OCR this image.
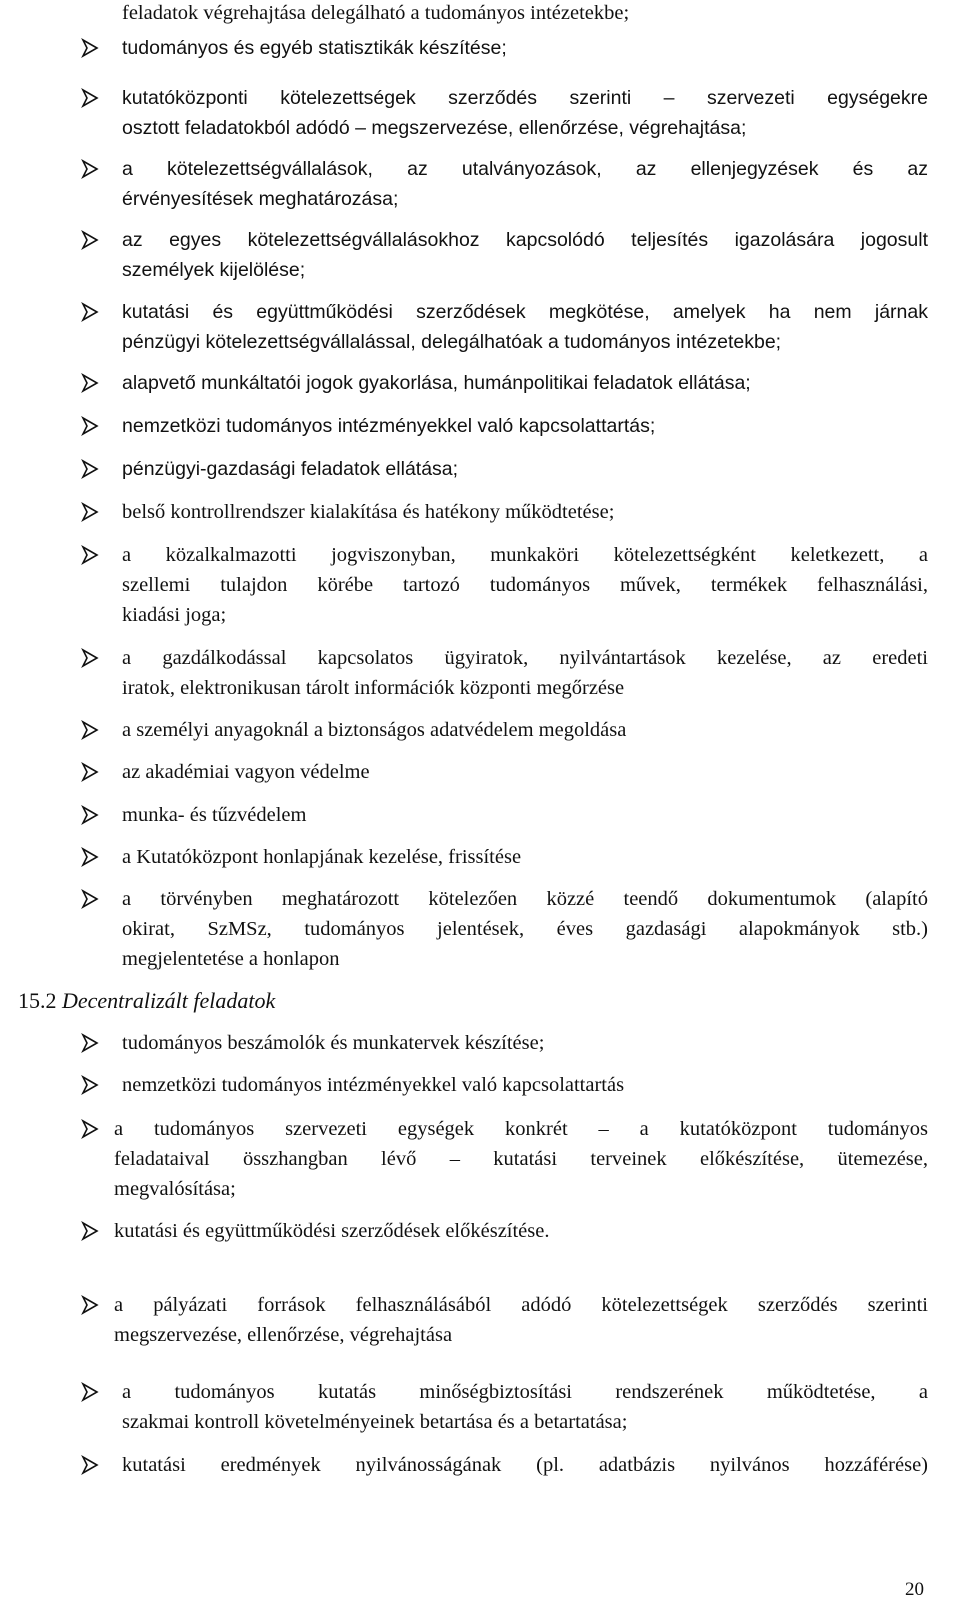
feladatok végrehajtása delegálható a tudományos intézetekbe;
tudományos és egyéb statisztikák készítése;
kutatóközponti kötelezettségek szerződés szerinti – szervezeti egységekre
osztott feladatokból adódó – megszervezése, ellenőrzése, végrehajtása;
a kötelezettségvállalások, az utalványozások, az ellenjegyzések és az
érvényesítések meghatározása;
az egyes kötelezettségvállalásokhoz kapcsolódó teljesítés igazolására jogosult
személyek kijelölése;
kutatási és együttműködési szerződések megkötése, amelyek ha nem járnak
pénzügyi kötelezettségvállalással, delegálhatóak a tudományos intézetekbe;
alapvető munkáltatói jogok gyakorlása, humánpolitikai feladatok ellátása;
nemzetközi tudományos intézményekkel való kapcsolattartás;
pénzügyi-gazdasági feladatok ellátása;
belső kontrollrendszer kialakítása és hatékony működtetése;
a közalkalmazotti jogviszonyban, munkaköri kötelezettségként keletkezett, a
szellemi tulajdon körébe tartozó tudományos művek, termékek felhasználási,
kiadási joga;
a gazdálkodással kapcsolatos ügyiratok, nyilvántartások kezelése, az eredeti
iratok, elektronikusan tárolt információk központi megőrzése
a személyi anyagoknál a biztonságos adatvédelem megoldása
az akadémiai vagyon védelme
munka- és tűzvédelem
a Kutatóközpont honlapjának kezelése, frissítése
a törvényben meghatározott kötelezően közzé teendő dokumentumok (alapító
okirat, SzMSz, tudományos jelentések, éves gazdasági alapokmányok stb.)
megjelentetése a honlapon
15.2 Decentralizált feladatok
tudományos beszámolók és munkatervek készítése;
nemzetközi tudományos intézményekkel való kapcsolattartás
a tudományos szervezeti egységek konkrét – a kutatóközpont tudományos
feladataival összhangban lévő – kutatási terveinek előkészítése, ütemezése,
megvalósítása;
kutatási és együttműködési szerződések előkészítése.
a pályázati források felhasználásából adódó kötelezettségek szerződés szerinti
megszervezése, ellenőrzése, végrehajtása
a tudományos kutatás minőségbiztosítási rendszerének működtetése, a
szakmai kontroll követelményeinek betartása és a betartatása;
kutatási eredmények nyilvánosságának (pl. adatbázis nyilvános hozzáférése)
20
